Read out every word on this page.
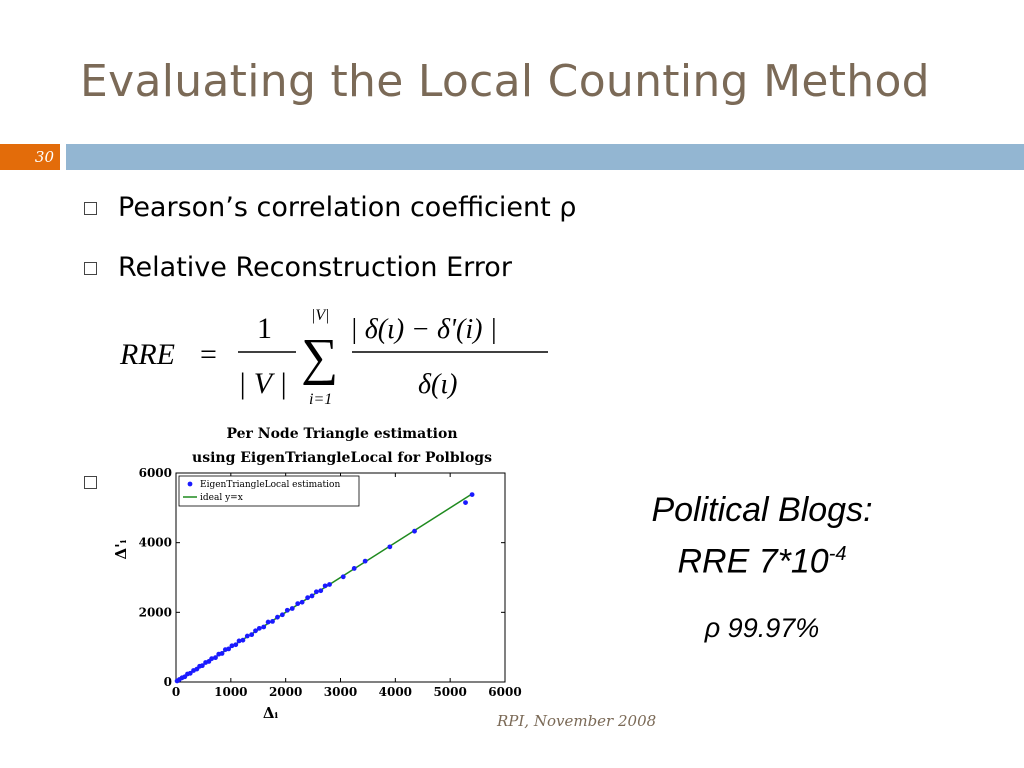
Evaluating the Local Counting Method
30
Pearson’s correlation coefficient ρ
Relative Reconstruction Error
RRE =
1
| V |
|V|
∑
i=1
| δ(ι) − δ'(i) |
δ(ι)
Per Node Triangle estimation
using EigenTriangleLocal for Polblogs
0	1000 2000 3000 4000 5000 6000
0
2000
4000
6000
Δᵢ
Δ'ᵢ
EigenTriangleLocal estimation
ideal y=x	Political Blogs:
RRE $7*10^{-4}$
ρ 99.97%
RPI, November 2008
